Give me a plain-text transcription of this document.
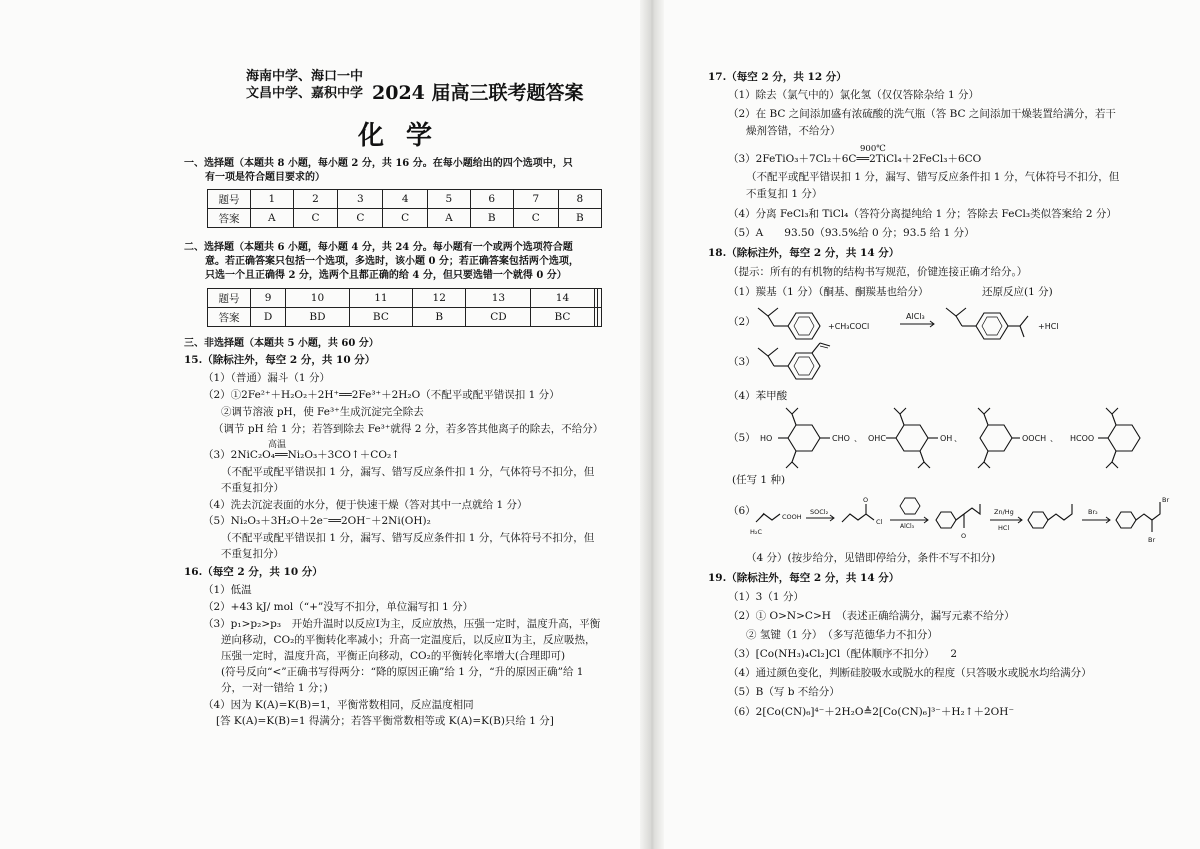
海南中学、海口一中
文昌中学、嘉积中学 2024 届高三联考题答案
化学
一、选择题（本题共 8 小题，每小题 2 分，共 16 分。在每小题给出的四个选项中，只
有一项是符合题目要求的）
题号	1	2	3	4	5	6	7	8
答案	A	C	C	C	A	B	C	B
二、选择题（本题共 6 小题，每小题 4 分，共 24 分。每小题有一个或两个选项符合题
意。若正确答案只包括一个选项，多选时，该小题 0 分；若正确答案包括两个选项，
只选一个且正确得 2 分，选两个且都正确的给 4 分，但只要选错一个就得 0 分）
题号	9	10	11	12	13	14		
答案	D	BD	BC	B	CD	BC		
三、非选择题（本题共 5 小题，共 60 分）
15.（除标注外，每空 2 分，共 10 分）
（1）（普通）漏斗（1 分）
（2）①2Fe²⁺＋H₂O₂＋2H⁺══2Fe³⁺＋2H₂O（不配平或配平错误扣 1 分）
②调节溶液 pH，使 Fe³⁺生成沉淀完全除去
（调节 pH 给 1 分；若答到除去 Fe³⁺就得 2 分，若多答其他离子的除去，不给分）
高温
（3）2NiC₂O₄══Ni₂O₃＋3CO↑＋CO₂↑
（不配平或配平错误扣 1 分，漏写、错写反应条件扣 1 分，气体符号不扣分，但
不重复扣分）
（4）洗去沉淀表面的水分，便于快速干燥（答对其中一点就给 1 分）
（5）Ni₂O₃＋3H₂O＋2e⁻══2OH⁻＋2Ni(OH)₂
（不配平或配平错误扣 1 分，漏写、错写反应条件扣 1 分，气体符号不扣分，但
不重复扣分）
16.（每空 2 分，共 10 分）
（1）低温
（2）+43 kJ/ mol（“+”没写不扣分，单位漏写扣 1 分）
（3）p₁>p₂>p₃　开始升温时以反应Ⅰ为主，反应放热，压强一定时，温度升高，平衡
逆向移动，CO₂的平衡转化率减小；升高一定温度后，以反应Ⅱ为主，反应吸热，
压强一定时，温度升高，平衡正向移动，CO₂的平衡转化率增大(合理即可)
(符号反向“<”正确书写得两分：“降的原因正确”给 1 分，“升的原因正确”给 1
分，一对一错给 1 分；)
（4）因为 K(A)=K(B)=1，平衡常数相同，反应温度相同
[答 K(A)=K(B)=1 得满分；若答平衡常数相等或 K(A)=K(B)只给 1 分]
17.（每空 2 分，共 12 分）
（1）除去（氯气中的）氯化氢（仅仅答除杂给 1 分）
（2）在 BC 之间添加盛有浓硫酸的洗气瓶（答 BC 之间添加干燥装置给满分，若干
燥剂答错，不给分）
900℃
（3）2FeTiO₃＋7Cl₂＋6C══2TiCl₄＋2FeCl₃＋6CO
（不配平或配平错误扣 1 分，漏写、错写反应条件扣 1 分，气体符号不扣分，但
不重复扣 1 分）
（4）分离 FeCl₃和 TiCl₄（答符分离提纯给 1 分；答除去 FeCl₃类似答案给 2 分）
（5）A　　93.50（93.5%给 0 分；93.5 给 1 分）
18.（除标注外，每空 2 分，共 14 分）
（提示：所有的有机物的结构书写规范，价键连接正确才给分。）
（1）羰基（1 分）（酮基、酮羰基也给分）	还原反应(1 分)
（2）	+CH₃COCl
AlCl₃
+HCl
（3）
（4）苯甲酸
（5） HO	CHO 、 OHC	OH 、	OOCH 、 HCOO
(任写 1 种)
（6）
H₂C
COOH
SOCl₂
O
Cl
AlCl₃
O
Zn/Hg
HCl
Br₂
Br
Br
（4 分）(按步给分，见错即停给分，条件不写不扣分)
19.（除标注外，每空 2 分，共 14 分）
（1）3（1 分）
（2）① O>N>C>H　（表述正确给满分，漏写元素不给分）
② 氢键（1 分）　（多写范德华力不扣分）
（3）[Co(NH₃)₄Cl₂]Cl（配体顺序不扣分）　　2
（4）通过颜色变化，判断硅胶吸水或脱水的程度（只答吸水或脱水均给满分）
（5）B（写 b 不给分）
（6）2[Co(CN)₆]⁴⁻＋2H₂O≜2[Co(CN)₆]³⁻＋H₂↑＋2OH⁻
